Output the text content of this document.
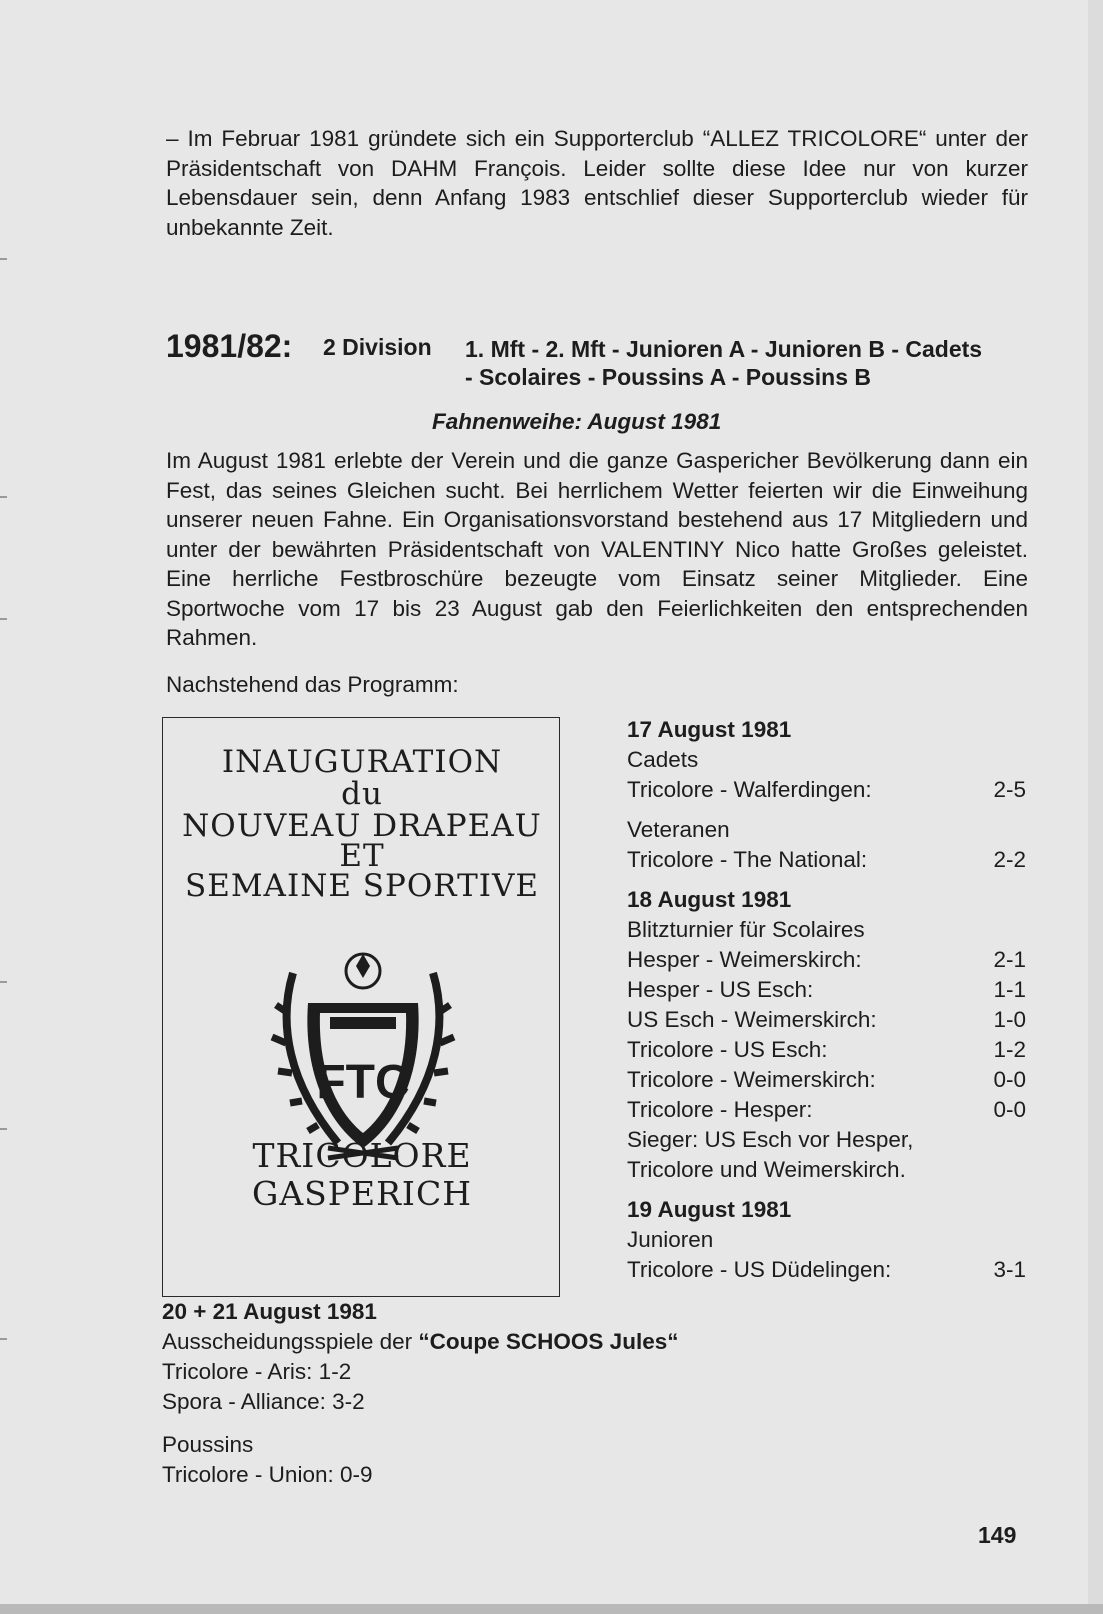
– Im Februar 1981 gründete sich ein Supporterclub “ALLEZ TRICOLORE“ unter der Präsidentschaft von DAHM François. Leider sollte diese Idee nur von kurzer Lebensdauer sein, denn Anfang 1983 entschlief dieser Supporterclub wieder für unbekannte Zeit.

1981/82: 2 Division 1. Mft - 2. Mft - Junioren A - Junioren B - Cadets
- Scolaires - Poussins A - Poussins B
Fahnenweihe: August 1981

Im August 1981 erlebte der Verein und die ganze Gaspericher Bevölkerung dann ein Fest, das seines Gleichen sucht. Bei herrlichem Wetter feierten wir die Einweihung unserer neuen Fahne. Ein Organisationsvorstand bestehend aus 17 Mitgliedern und unter der bewährten Präsidentschaft von VALENTINY Nico hatte Großes geleistet. Eine herrliche Festbroschüre bezeugte vom Einsatz seiner Mitglieder. Eine Sportwoche vom 17 bis 23 August gab den Feierlichkeiten den entsprechenden Rahmen.

Nachstehend das Programm:

INAUGURATION
du
NOUVEAU DRAPEAU
ET
SEMAINE SPORTIVE
FTC
TRICOLORE
GASPERICH
17 August 1981
Cadets
Tricolore - Walferdingen:	2-5
Veteranen
Tricolore - The National:	2-2
18 August 1981
Blitzturnier für Scolaires
Hesper - Weimerskirch:	2-1
Hesper - US Esch:	1-1
US Esch - Weimerskirch:	1-0
Tricolore - US Esch:	1-2
Tricolore - Weimerskirch:	0-0
Tricolore - Hesper:	0-0
Sieger: US Esch vor Hesper,
Tricolore und Weimerskirch.
19 August 1981
Junioren
Tricolore - US Düdelingen:	3-1
20 + 21 August 1981
Ausscheidungsspiele der “Coupe SCHOOS Jules“
Tricolore - Aris: 1-2
Spora - Alliance: 3-2
Poussins
Tricolore - Union: 0-9
149
